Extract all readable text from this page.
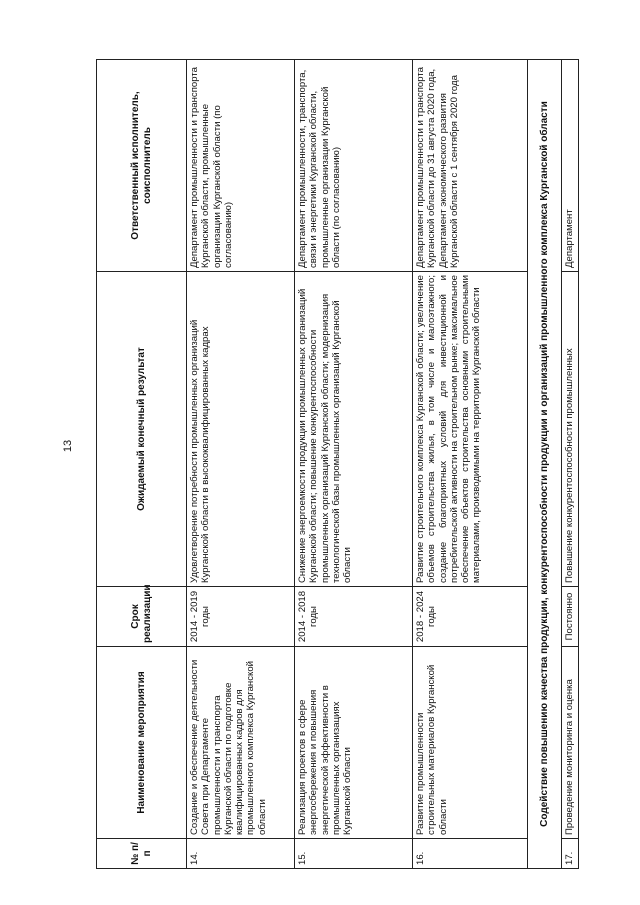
13
№ п/п	Наименование мероприятия	Срок реализации	Ожидаемый конечный результат	Ответственный исполнитель, соисполнитель
14.	Создание и обеспечение деятельности Совета при Департаменте промышленности и транспорта Курганской области по подготовке квалифицированных кадров для промышленного комплекса Курганской области	2014 - 2019 годы	Удовлетворение потребности промышленных организаций Курганской области в высококвалифицированных кадрах	Департамент промышленности и транспорта Курганской области, промышленные организации Курганской области (по согласованию)
15.	Реализация проектов в сфере энергосбережения и повышения энергетической эффективности в промышленных организациях Курганской области	2014 - 2018 годы	Снижение энергоемкости продукции промышленных организаций Курганской области; повышение конкурентоспособности промышленных организаций Курганской области; модернизация технологической базы промышленных организаций Курганской области	Департамент промышленности, транспорта, связи и энергетики Курганской области, промышленные организации Курганской области (по согласованию)
16.	Развитие промышленности строительных материалов Курганской области	2018 - 2024 годы	Развитие строительного комплекса Курганской области; увеличение объемов строительства жилья, в том числе и малоэтажного; создание благоприятных условий для инвестиционной и потребительской активности на строительном рынке; максимальное обеспечение объектов строительства основными строительными материалами, производимыми на территории Курганской области	Департамент промышленности и транспорта Курганской области до 31 августа 2020 года, Департамент экономического развития Курганской области с 1 сентября 2020 года
Содействие повышению качества продукции, конкурентоспособности продукции и организаций промышленного комплекса Курганской области				
17.	Проведение мониторинга и оценка	Постоянно	Повышение конкурентоспособности промышленных	Департамент
